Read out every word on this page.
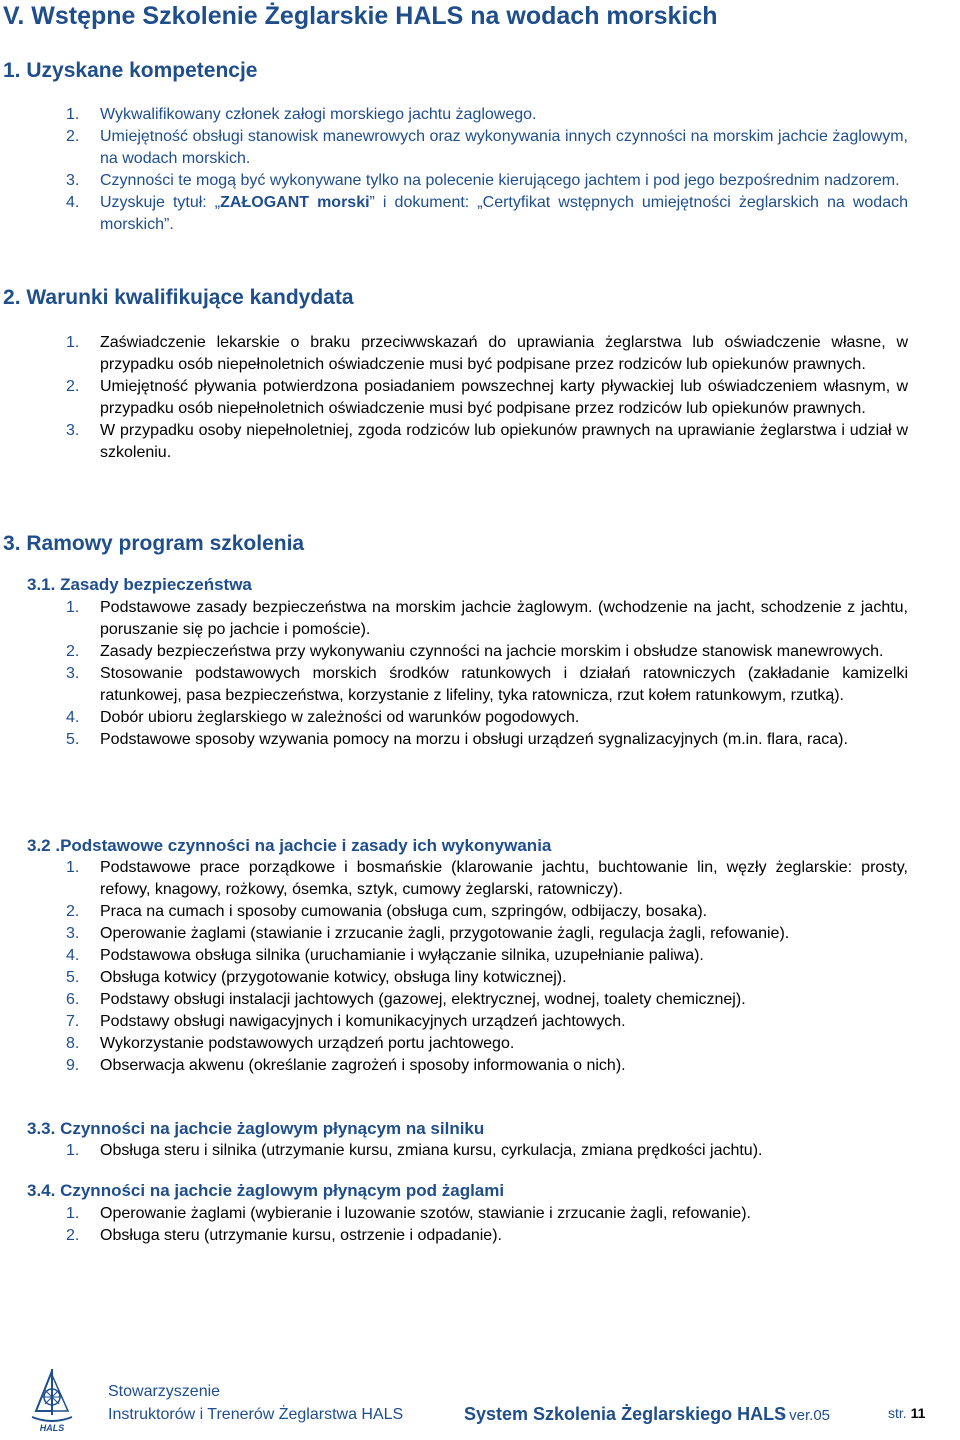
V. Wstępne Szkolenie Żeglarskie HALS na wodach morskich
1. Uzyskane kompetencje
1. Wykwalifikowany członek załogi morskiego jachtu żaglowego.
2. Umiejętność obsługi stanowisk manewrowych oraz wykonywania innych czynności na morskim jachcie żaglowym, na wodach morskich.
3. Czynności te mogą być wykonywane tylko na polecenie kierującego jachtem i pod jego bezpośrednim nadzorem.
4. Uzyskuje tytuł: „ZAŁOGANT morski” i dokument: „Certyfikat wstępnych umiejętności żeglarskich na wodach morskich”.
2. Warunki kwalifikujące kandydata
1. Zaświadczenie lekarskie o braku przeciwwskazań do uprawiania żeglarstwa lub oświadczenie własne, w przypadku osób niepełnoletnich oświadczenie musi być podpisane przez rodziców lub opiekunów prawnych.
2. Umiejętność pływania potwierdzona posiadaniem powszechnej karty pływackiej lub oświadczeniem własnym, w przypadku osób niepełnoletnich oświadczenie musi być podpisane przez rodziców lub opiekunów prawnych.
3. W przypadku osoby niepełnoletniej, zgoda rodziców lub opiekunów prawnych na uprawianie żeglarstwa i udział w szkoleniu.
3. Ramowy program szkolenia
3.1. Zasady bezpieczeństwa
1. Podstawowe zasady bezpieczeństwa na morskim jachcie żaglowym. (wchodzenie na jacht, schodzenie z jachtu, poruszanie się po jachcie i pomoście).
2. Zasady bezpieczeństwa przy wykonywaniu czynności na jachcie morskim i obsłudze stanowisk manewrowych.
3. Stosowanie podstawowych morskich środków ratunkowych i działań ratowniczych (zakładanie kamizelki ratunkowej, pasa bezpieczeństwa, korzystanie z lifeliny, tyka ratownicza, rzut kołem ratunkowym, rzutką).
4. Dobór ubioru żeglarskiego w zależności od warunków pogodowych.
5. Podstawowe sposoby wzywania pomocy na morzu i obsługi urządzeń sygnalizacyjnych (m.in. flara, raca).
3.2 .Podstawowe czynności na jachcie i zasady ich wykonywania
1. Podstawowe prace porządkowe i bosmańskie (klarowanie jachtu, buchtowanie lin, węzły żeglarskie: prosty, refowy, knagowy, rożkowy, ósemka, sztyk, cumowy żeglarski, ratowniczy).
2. Praca na cumach i sposoby cumowania (obsługa cum, szpringów, odbijaczy, bosaka).
3. Operowanie żaglami (stawianie i zrzucanie żagli, przygotowanie żagli, regulacja żagli, refowanie).
4. Podstawowa obsługa silnika (uruchamianie i wyłączanie silnika, uzupełnianie paliwa).
5. Obsługa kotwicy (przygotowanie kotwicy, obsługa liny kotwicznej).
6. Podstawy obsługi instalacji jachtowych (gazowej, elektrycznej, wodnej, toalety chemicznej).
7. Podstawy obsługi nawigacyjnych i komunikacyjnych urządzeń jachtowych.
8. Wykorzystanie podstawowych urządzeń portu jachtowego.
9. Obserwacja akwenu (określanie zagrożeń i sposoby informowania o nich).
3.3. Czynności na jachcie żaglowym płynącym na silniku
1. Obsługa steru i silnika (utrzymanie kursu, zmiana kursu, cyrkulacja, zmiana prędkości jachtu).
3.4. Czynności na jachcie żaglowym płynącym pod żaglami
1. Operowanie żaglami (wybieranie i luzowanie szotów, stawianie i zrzucanie żagli, refowanie).
2. Obsługa steru (utrzymanie kursu, ostrzenie i odpadanie).
HALS
Stowarzyszenie
Instruktorów i Trenerów Żeglarstwa HALS	System Szkolenia Żeglarskiego HALS
- ver.05	str. 11
